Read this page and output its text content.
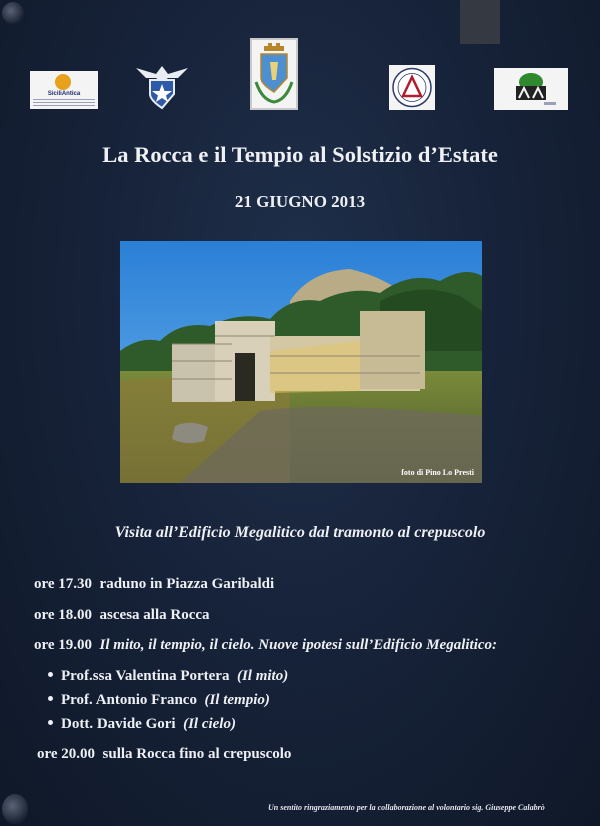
SiciliAntica
La Rocca e il Tempio al Solstizio d’Estate
21 GIUGNO 2013
foto di Pino Lo Presti
Visita all’Edificio Megalitico dal tramonto al crepuscolo
ore 17.30 raduno in Piazza Garibaldi
ore 18.00 ascesa alla Rocca
ore 19.00 Il mito, il tempio, il cielo. Nuove ipotesi sull’Edificio Megalitico:
Prof.ssa Valentina Portera (Il mito)
Prof. Antonio Franco (Il tempio)
Dott. Davide Gori (Il cielo)
ore 20.00 sulla Rocca fino al crepuscolo
Un sentito ringraziamento per la collaborazione al volontario sig. Giuseppe Calabrò
